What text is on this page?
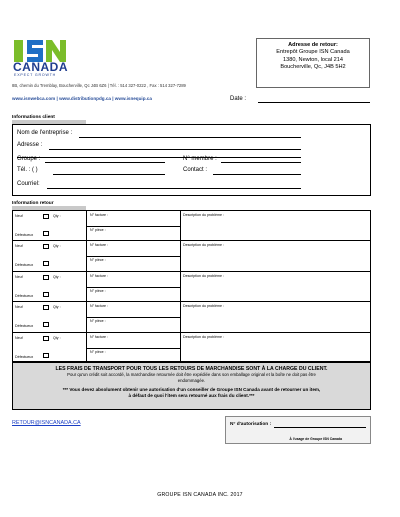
CANADA
EXPECT GROWTH
8B, chemin du Tremblay, Boucherville, Qc J4B 6Z6 | Tél. : 514 327-0222 , Fax : 514 327-7289
www.isnwebca.com | www.distributionpdg.ca | www.isnequip.ca
Adresse de retour:
Entrepôt Groupe ISN Canada
1380, Newton, local 214
Boucherville, Qc, J4B 5H2
Date :
Informations client
Nom de l'entreprise :
Adresse :
Groupe :	N° membre :
Tél. : ( )	Contact :
Courriel:
Information retour
Neuf	Qty :
Défectueux
N° facture :
N° pièce :
Description du problème :
Neuf	Qty :
Défectueux
N° facture :
N° pièce :
Description du problème :
Neuf	Qty :
Défectueux
N° facture :
N° pièce :
Description du problème :
Neuf	Qty :
Défectueux
N° facture :
N° pièce :
Description du problème :
Neuf	Qty :
Défectueux
N° facture :
N° pièce :
Description du problème :
LES FRAIS DE TRANSPORT POUR TOUS LES RETOURS DE MARCHANDISE SONT À LA CHARGE DU CLIENT.
Pour qu'un crédit soit accordé, la marchandise retournée doit être expédiée dans son emballage original et la boîte ne doit pas être
endommagée.
*** Vous devez absolument obtenir une autorisation d'un conseiller de Groupe ISN Canada avant de retourner un item,
à défaut de quoi l'item sera retourné aux frais du client.***
RETOUR@ISNCANADA.CA	N° d'autorisation :
À l'usage de Groupe ISN Canada
GROUPE ISN CANADA INC. 2017
